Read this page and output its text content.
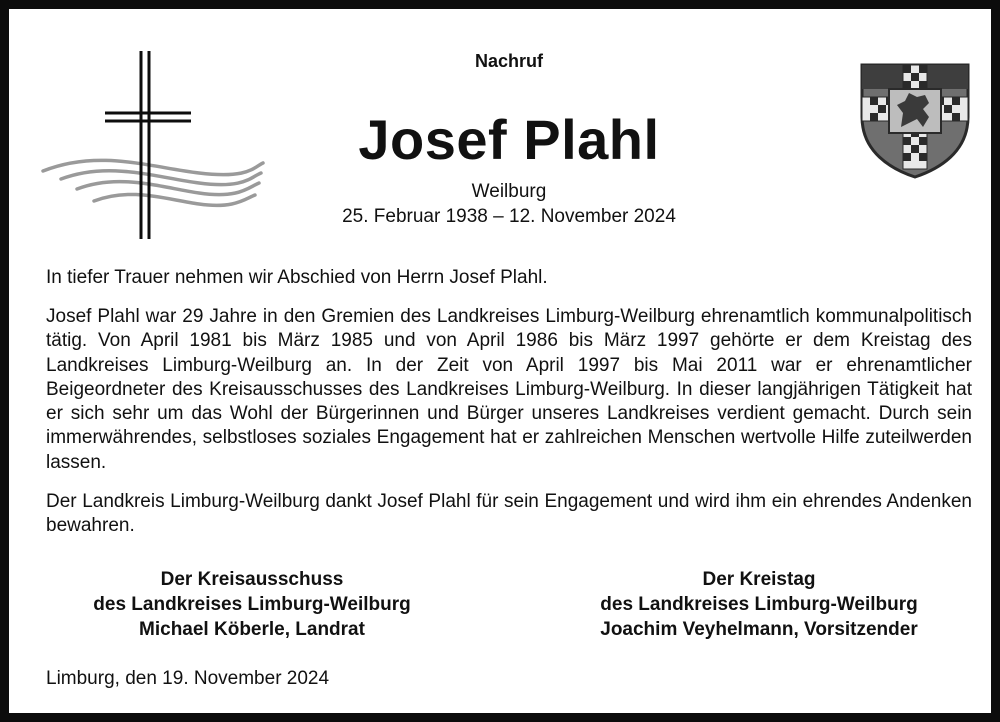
Nachruf
Josef Plahl
Weilburg
25. Februar 1938 – 12. November 2024
In tiefer Trauer nehmen wir Abschied von Herrn Josef Plahl.
Josef Plahl war 29 Jahre in den Gremien des Landkreises Limburg-Weilburg ehrenamtlich kommunalpolitisch tätig. Von April 1981 bis März 1985 und von April 1986 bis März 1997 gehörte er dem Kreistag des Landkreises Limburg-Weilburg an. In der Zeit von April 1997 bis Mai 2011 war er ehrenamtlicher Beigeordneter des Kreisausschusses des Landkreises Limburg-Weilburg. In dieser langjährigen Tätigkeit hat er sich sehr um das Wohl der Bürgerinnen und Bürger unseres Landkreises verdient gemacht. Durch sein immerwährendes, selbstloses soziales Engagement hat er zahlreichen Menschen wertvolle Hilfe zuteilwerden lassen.
Der Landkreis Limburg-Weilburg dankt Josef Plahl für sein Engagement und wird ihm ein ehrendes Andenken bewahren.
Der Kreisausschuss
des Landkreises Limburg-Weilburg
Michael Köberle, Landrat
Der Kreistag
des Landkreises Limburg-Weilburg
Joachim Veyhelmann, Vorsitzender
Limburg, den 19. November 2024
